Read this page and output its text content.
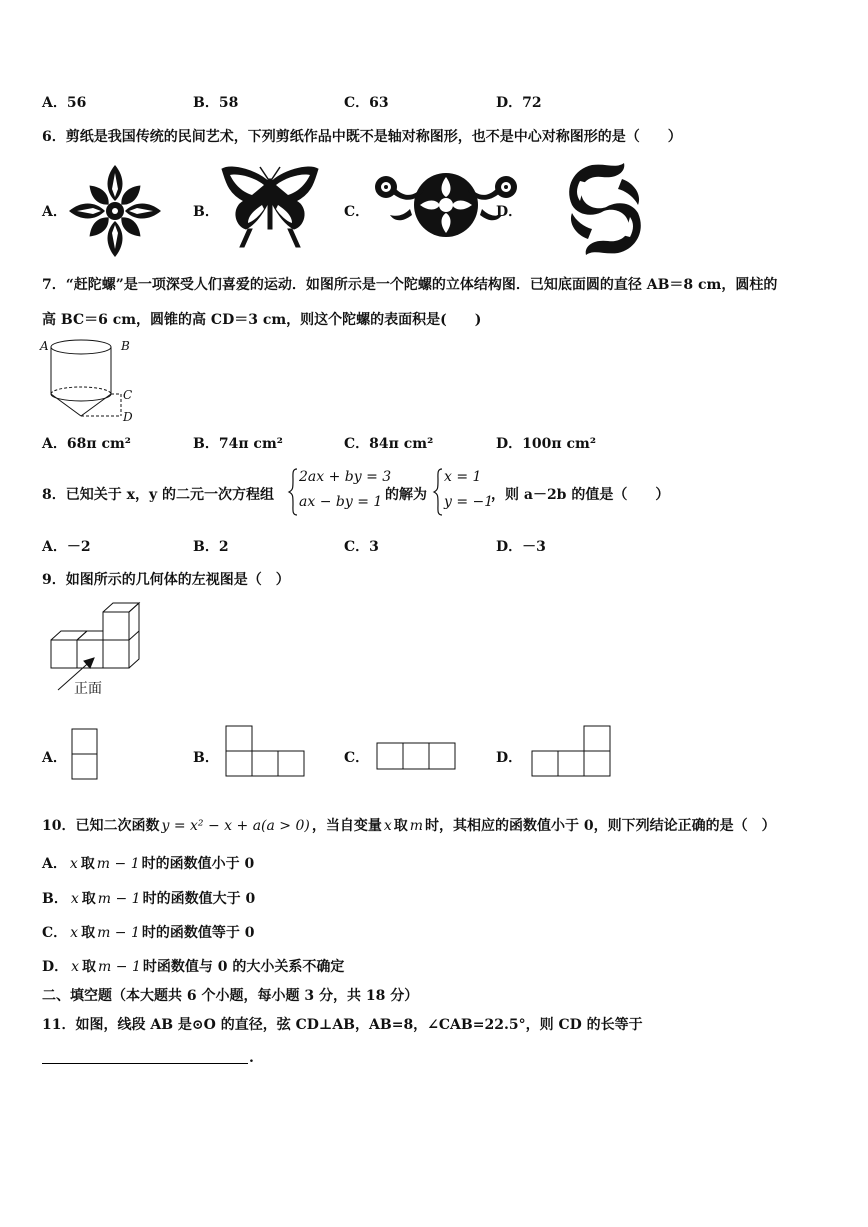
A．56	B．58	C．63	D．72
6．剪纸是我国传统的民间艺术，下列剪纸作品中既不是轴对称图形，也不是中心对称图形的是（　　）
A．	B．	C．	D．
7．“赶陀螺”是一项深受人们喜爱的运动．如图所示是一个陀螺的立体结构图．已知底面圆的直径 AB＝8 cm，圆柱的
高 BC＝6 cm，圆锥的高 CD＝3 cm，则这个陀螺的表面积是(　　)
A	B
C
D
A．68π cm²	B．74π cm²	C．84π cm²	D．100π cm²
8．已知关于 x，y 的二元一次方程组
2ax + by = 3
ax − by = 1 的解为
x = 1
y = −1
，则 a－2b 的值是（　　）
A．－2	B．2	C．3	D．－3
9．如图所示的几何体的左视图是（　）
正面
A．	B．	C．	D．
10．已知二次函数 y = x² − x + a(a > 0) ，当自变量 x 取 m 时，其相应的函数值小于 0，则下列结论正确的是（　）
A． x 取 m − 1 时的函数值小于 0
B． x 取 m − 1 时的函数值大于 0
C． x 取 m − 1 时的函数值等于 0
D． x 取 m − 1 时函数值与 0 的大小关系不确定
二、填空题（本大题共 6 个小题，每小题 3 分，共 18 分）
11．如图，线段 AB 是⊙O 的直径，弦 CD⊥AB，AB=8，∠CAB=22.5°，则 CD 的长等于
.
